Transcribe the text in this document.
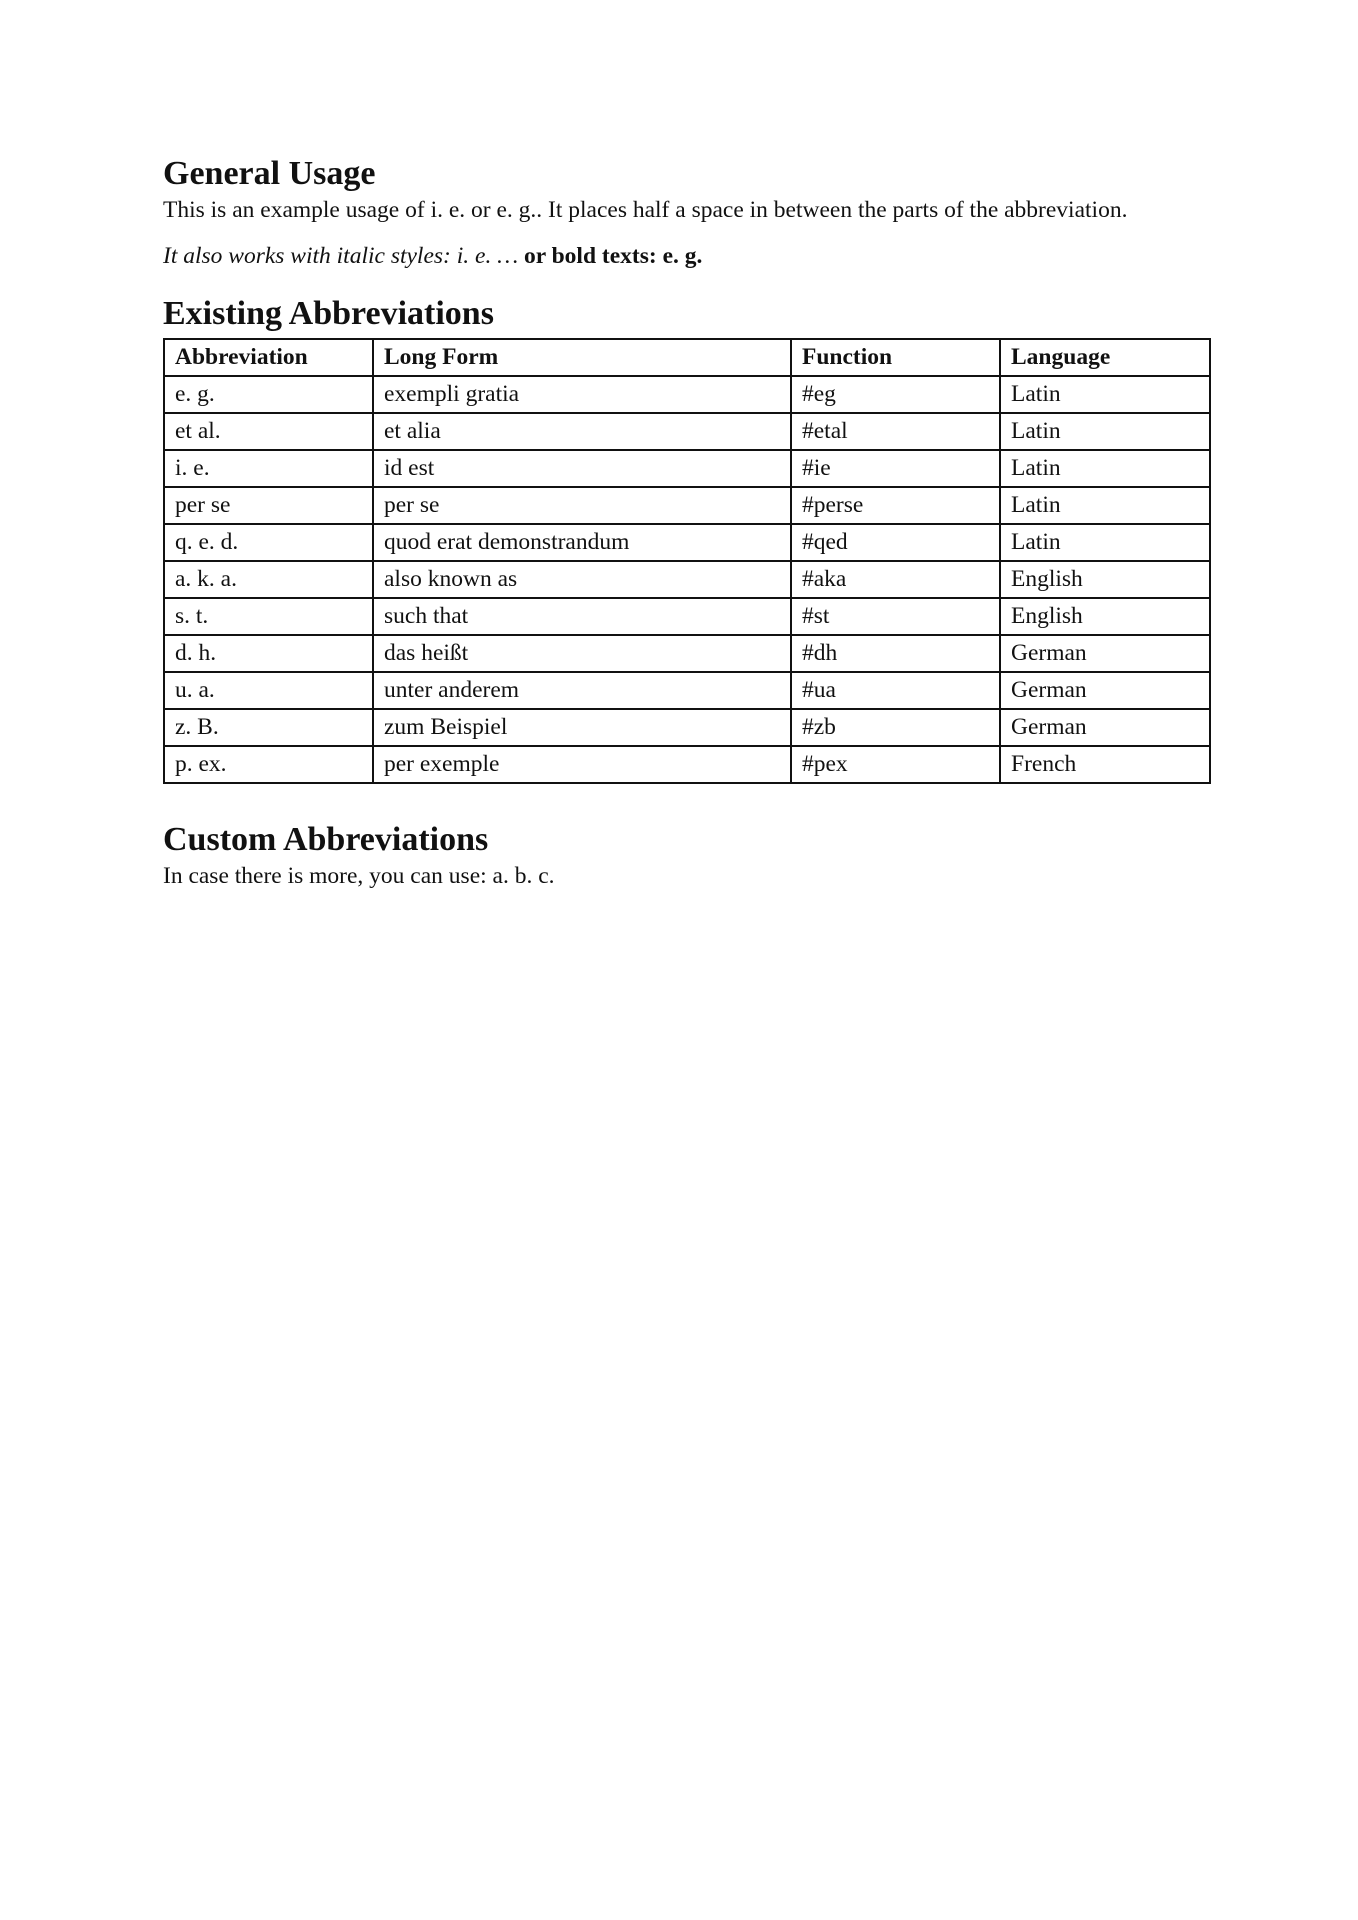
General Usage

This is an example usage of i. e. or e. g.. It places half a space in between the parts of the abbreviation.

It also works with italic styles: i. e. … or bold texts: e. g.

Existing Abbreviations
Abbreviation	Long Form	Function	Language
e. g.	exempli gratia	#eg	Latin
et al.	et alia	#etal	Latin
i. e.	id est	#ie	Latin
per se	per se	#perse	Latin
q. e. d.	quod erat demonstrandum	#qed	Latin
a. k. a.	also known as	#aka	English
s. t.	such that	#st	English
d. h.	das heißt	#dh	German
u. a.	unter anderem	#ua	German
z. B.	zum Beispiel	#zb	German
p. ex.	per exemple	#pex	French
Custom Abbreviations

In case there is more, you can use: a. b. c.
